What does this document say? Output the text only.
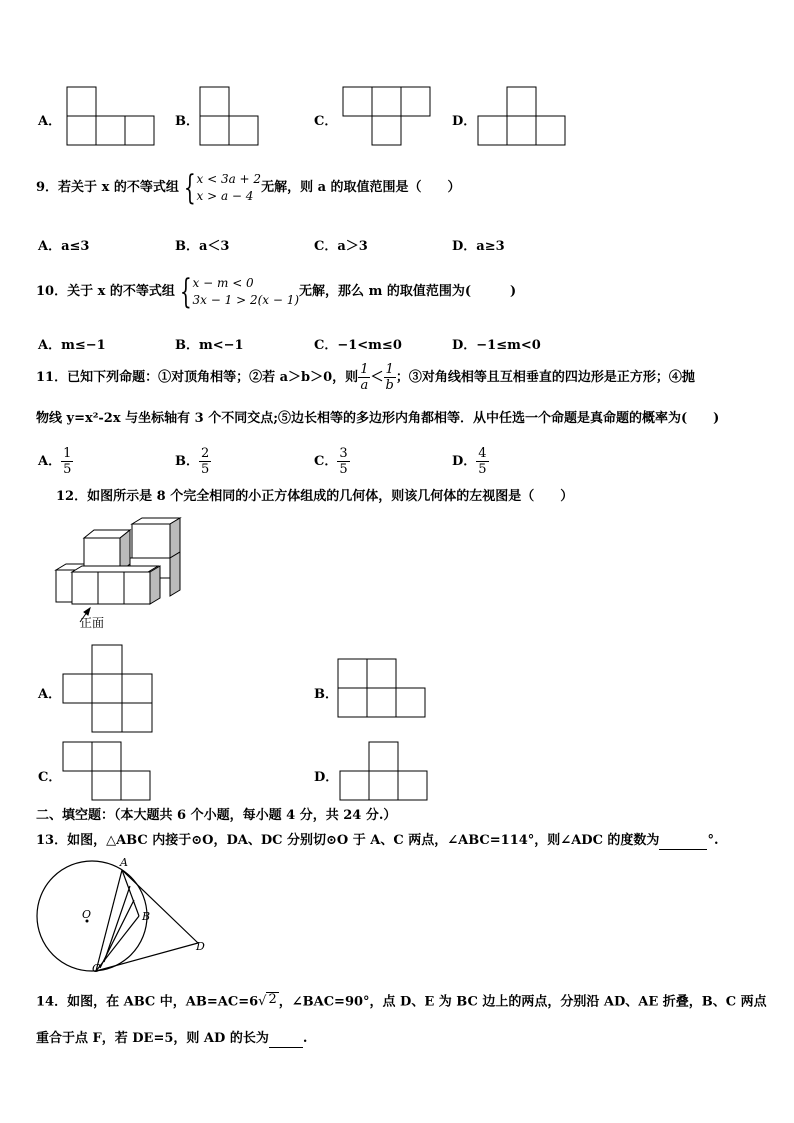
A．	B．	C．	D．
9．若关于 x 的不等式组 { x < 3a + 2
x > a − 4
无解，则 a 的取值范围是（　　）
A．a≤3	B．a＜3	C．a＞3	D．a≥3
10．关于 x 的不等式组 { x − m < 0
3x − 1 > 2(x − 1)
无解，那么 m 的取值范围为(　　　)
A．m≤−1	B．m<−1	C．−1<m≤0	D．−1≤m<0
11．已知下列命题：①对顶角相等；②若 a＞b＞0，则 $\frac{1}{a} < \frac{1}{b}$ ；③对角线相等且互相垂直的四边形是正方形；④抛
物线 y=x²-2x 与坐标轴有 3 个不同交点;⑤边长相等的多边形内角都相等．从中任选一个命题是真命题的概率为(　　)
A． $\frac{1}{5}$	B． $\frac{2}{5}$	C． $\frac{3}{5}$	D． $\frac{4}{5}$
12．如图所示是 8 个完全相同的小正方体组成的几何体，则该几何体的左视图是（　　）
正面
A．	B．
C．	D．
二、填空题：（本大题共 6 个小题，每小题 4 分，共 24 分.）
13．如图，△ABC 内接于⊙O，DA、DC 分别切⊙O 于 A、C 两点，∠ABC=114°，则∠ADC 的度数为	°.
A
B
C
D
O
14．如图，在 ABC 中，AB=AC=6 √ 2 ，∠BAC=90°，点 D、E 为 BC 边上的两点，分别沿 AD、AE 折叠，B、C 两点
重合于点 F，若 DE=5，则 AD 的长为	.
